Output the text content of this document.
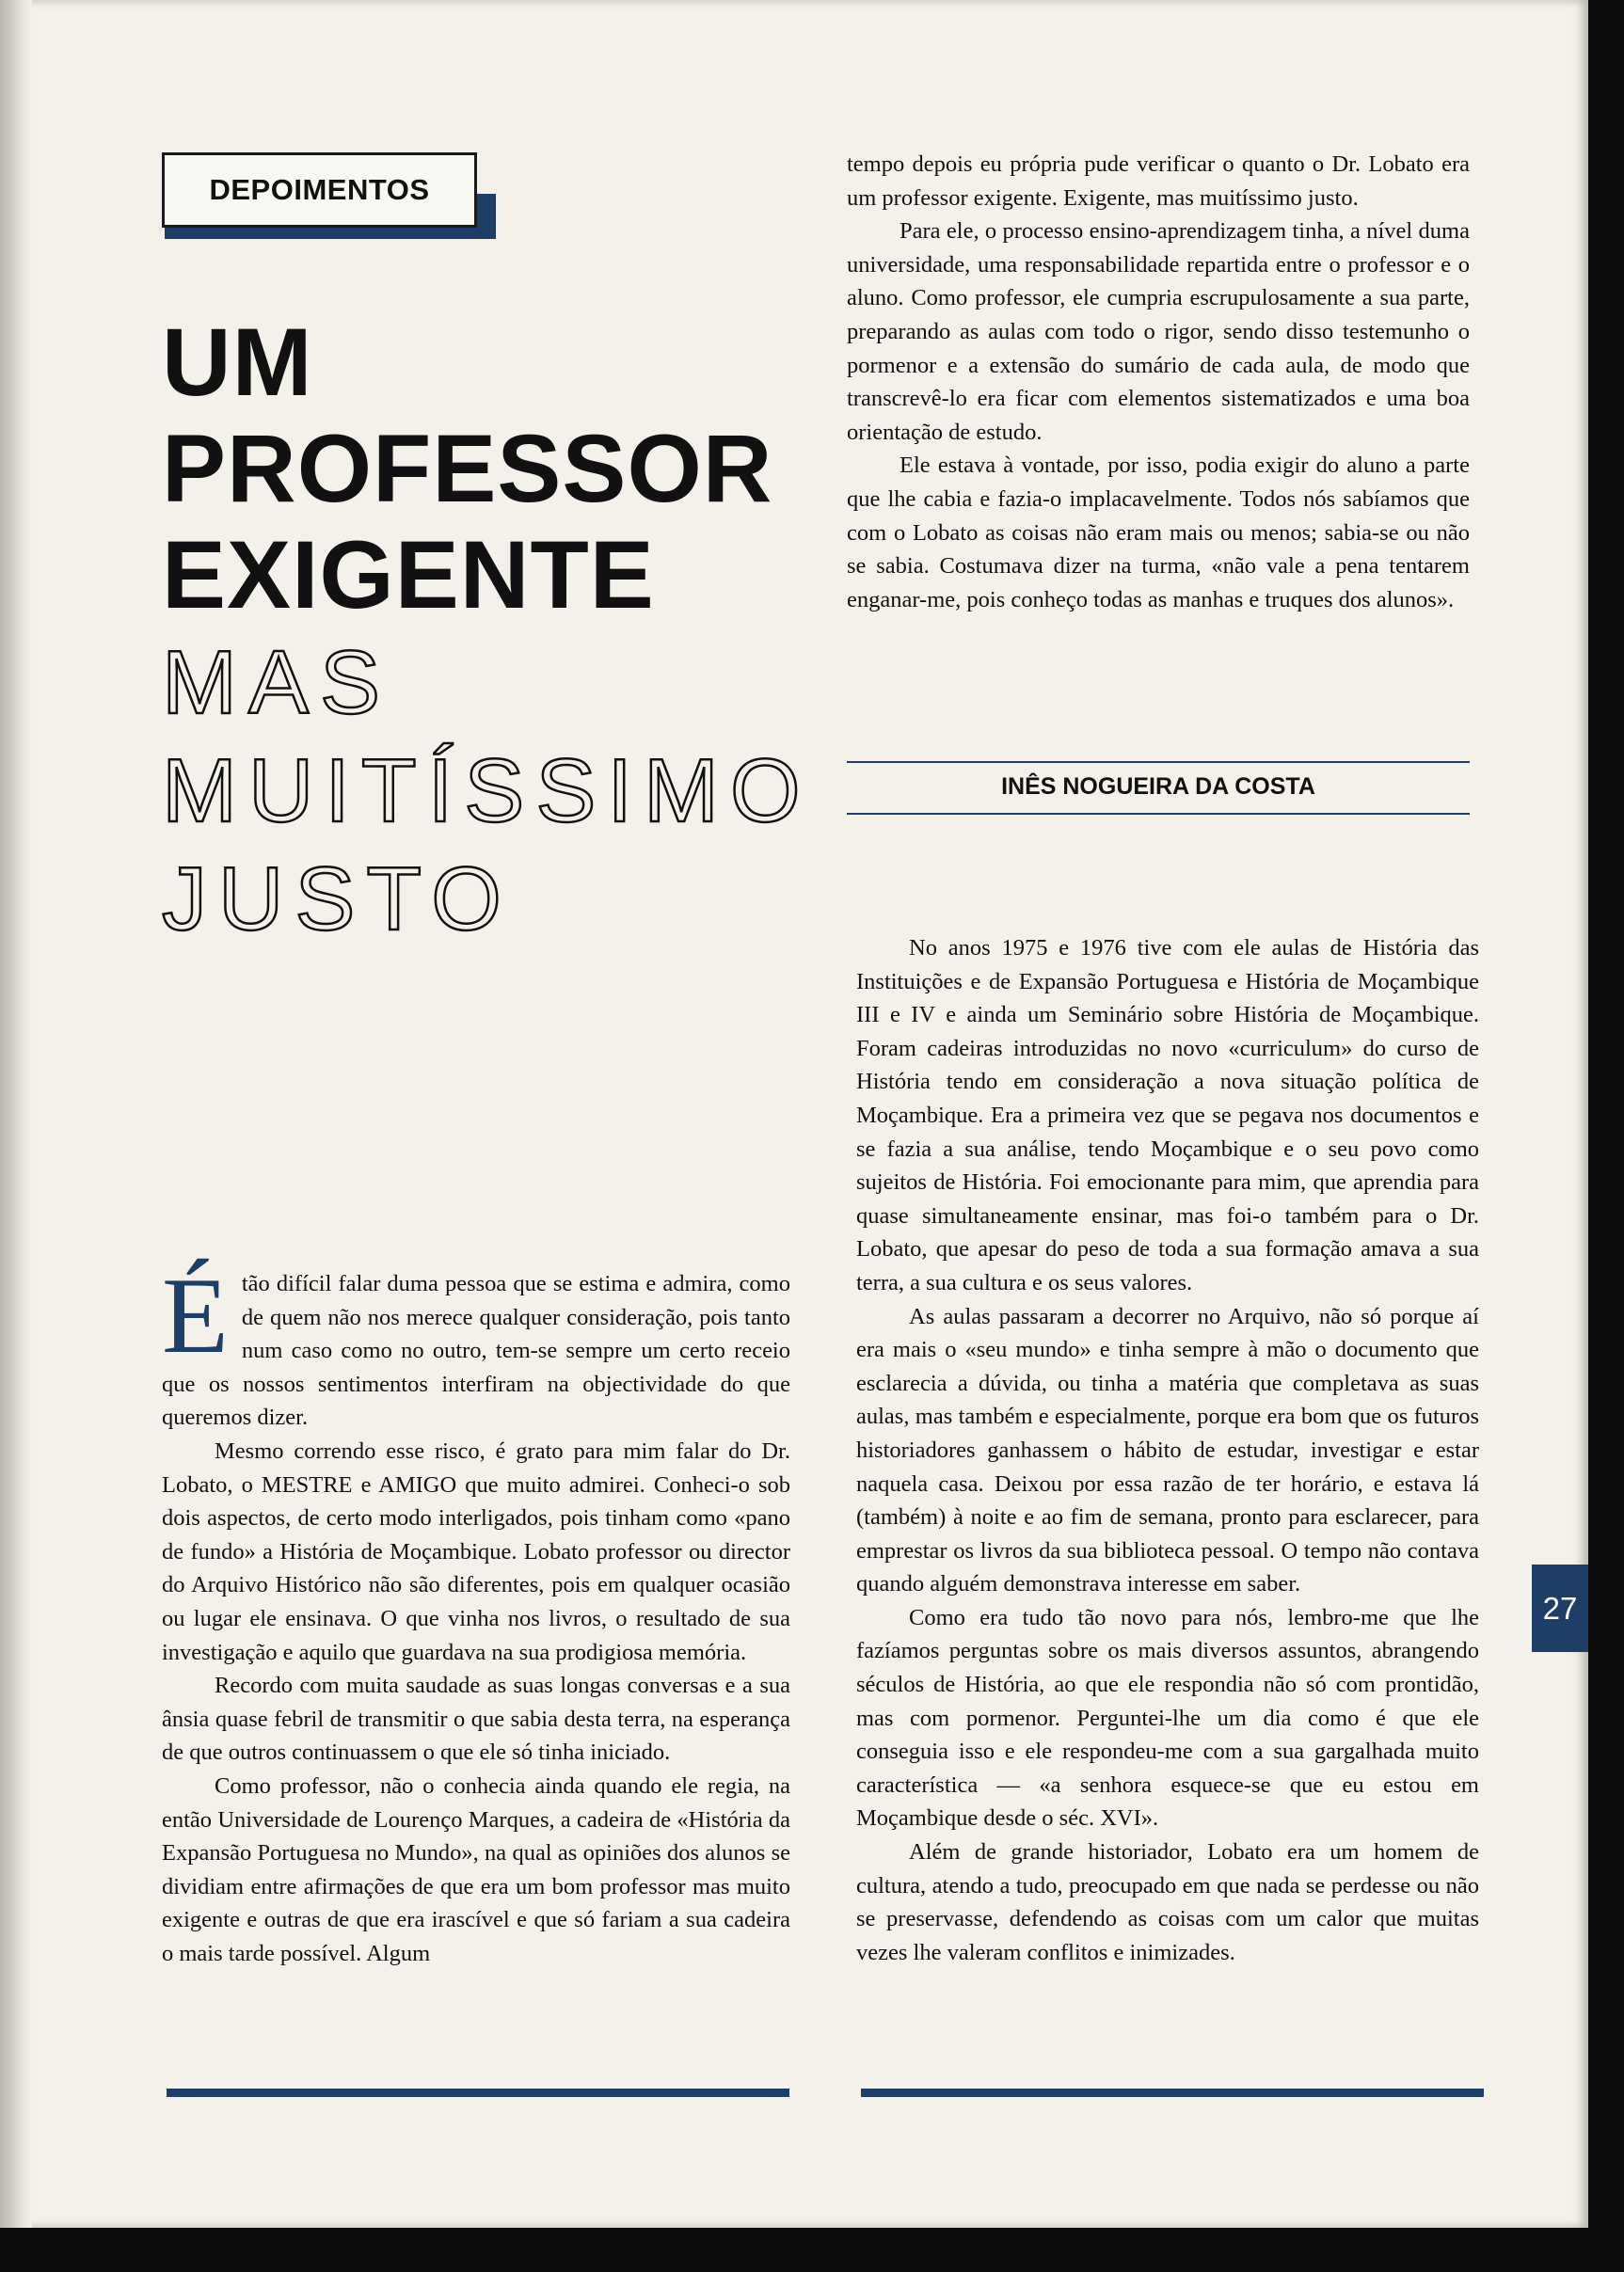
DEPOIMENTOS
UM
PROFESSOR
EXIGENTE
MAS
MUITÍSSIMO
JUSTO

Étão difícil falar duma pessoa que se estima e admira, como de quem não nos merece qualquer consideração, pois tanto num caso como no outro, tem-se sempre um certo receio que os nossos sentimentos interfiram na objectividade do que queremos dizer.

Mesmo correndo esse risco, é grato para mim falar do Dr. Lobato, o MESTRE e AMIGO que muito admirei. Conheci-o sob dois aspectos, de certo modo interligados, pois tinham como «pano de fundo» a História de Moçambique. Lobato professor ou director do Arquivo Histórico não são diferentes, pois em qualquer ocasião ou lugar ele ensinava. O que vinha nos livros, o resultado de sua investigação e aquilo que guardava na sua prodigiosa memória.

Recordo com muita saudade as suas longas conversas e a sua ânsia quase febril de transmitir o que sabia desta terra, na esperança de que outros continuassem o que ele só tinha iniciado.

Como professor, não o conhecia ainda quando ele regia, na então Universidade de Lourenço Marques, a cadeira de «História da Expansão Portuguesa no Mundo», na qual as opiniões dos alunos se dividiam entre afirmações de que era um bom professor mas muito exigente e outras de que era irascível e que só fariam a sua cadeira o mais tarde possível. Algum

tempo depois eu própria pude verificar o quanto o Dr. Lobato era um professor exigente. Exigente, mas muitíssimo justo.

Para ele, o processo ensino-aprendizagem tinha, a nível duma universidade, uma responsabilidade repartida entre o professor e o aluno. Como professor, ele cumpria escrupulosamente a sua parte, preparando as aulas com todo o rigor, sendo disso testemunho o pormenor e a extensão do sumário de cada aula, de modo que transcrevê-lo era ficar com elementos sistematizados e uma boa orientação de estudo.

Ele estava à vontade, por isso, podia exigir do aluno a parte que lhe cabia e fazia-o implacavelmente. Todos nós sabíamos que com o Lobato as coisas não eram mais ou menos; sabia-se ou não se sabia. Costumava dizer na turma, «não vale a pena tentarem enganar-me, pois conheço todas as manhas e truques dos alunos».

INÊS NOGUEIRA DA COSTA

No anos 1975 e 1976 tive com ele aulas de História das Instituições e de Expansão Portuguesa e História de Moçambique III e IV e ainda um Seminário sobre História de Moçambique. Foram cadeiras introduzidas no novo «curriculum» do curso de História tendo em consideração a nova situação política de Moçambique. Era a primeira vez que se pegava nos documentos e se fazia a sua análise, tendo Moçambique e o seu povo como sujeitos de História. Foi emocionante para mim, que aprendia para quase simultaneamente ensinar, mas foi-o também para o Dr. Lobato, que apesar do peso de toda a sua formação amava a sua terra, a sua cultura e os seus valores.

As aulas passaram a decorrer no Arquivo, não só porque aí era mais o «seu mundo» e tinha sempre à mão o documento que esclarecia a dúvida, ou tinha a matéria que completava as suas aulas, mas também e especialmente, porque era bom que os futuros historiadores ganhassem o hábito de estudar, investigar e estar naquela casa. Deixou por essa razão de ter horário, e estava lá (também) à noite e ao fim de semana, pronto para esclarecer, para emprestar os livros da sua biblioteca pessoal. O tempo não contava quando alguém demonstrava interesse em saber.

Como era tudo tão novo para nós, lembro-me que lhe fazíamos perguntas sobre os mais diversos assuntos, abrangendo séculos de História, ao que ele respondia não só com prontidão, mas com pormenor. Perguntei-lhe um dia como é que ele conseguia isso e ele respondeu-me com a sua gargalhada muito característica — «a senhora esquece-se que eu estou em Moçambique desde o séc. XVI».

Além de grande historiador, Lobato era um homem de cultura, atendo a tudo, preocupado em que nada se perdesse ou não se preservasse, defendendo as coisas com um calor que muitas vezes lhe valeram conflitos e inimizades.

27
